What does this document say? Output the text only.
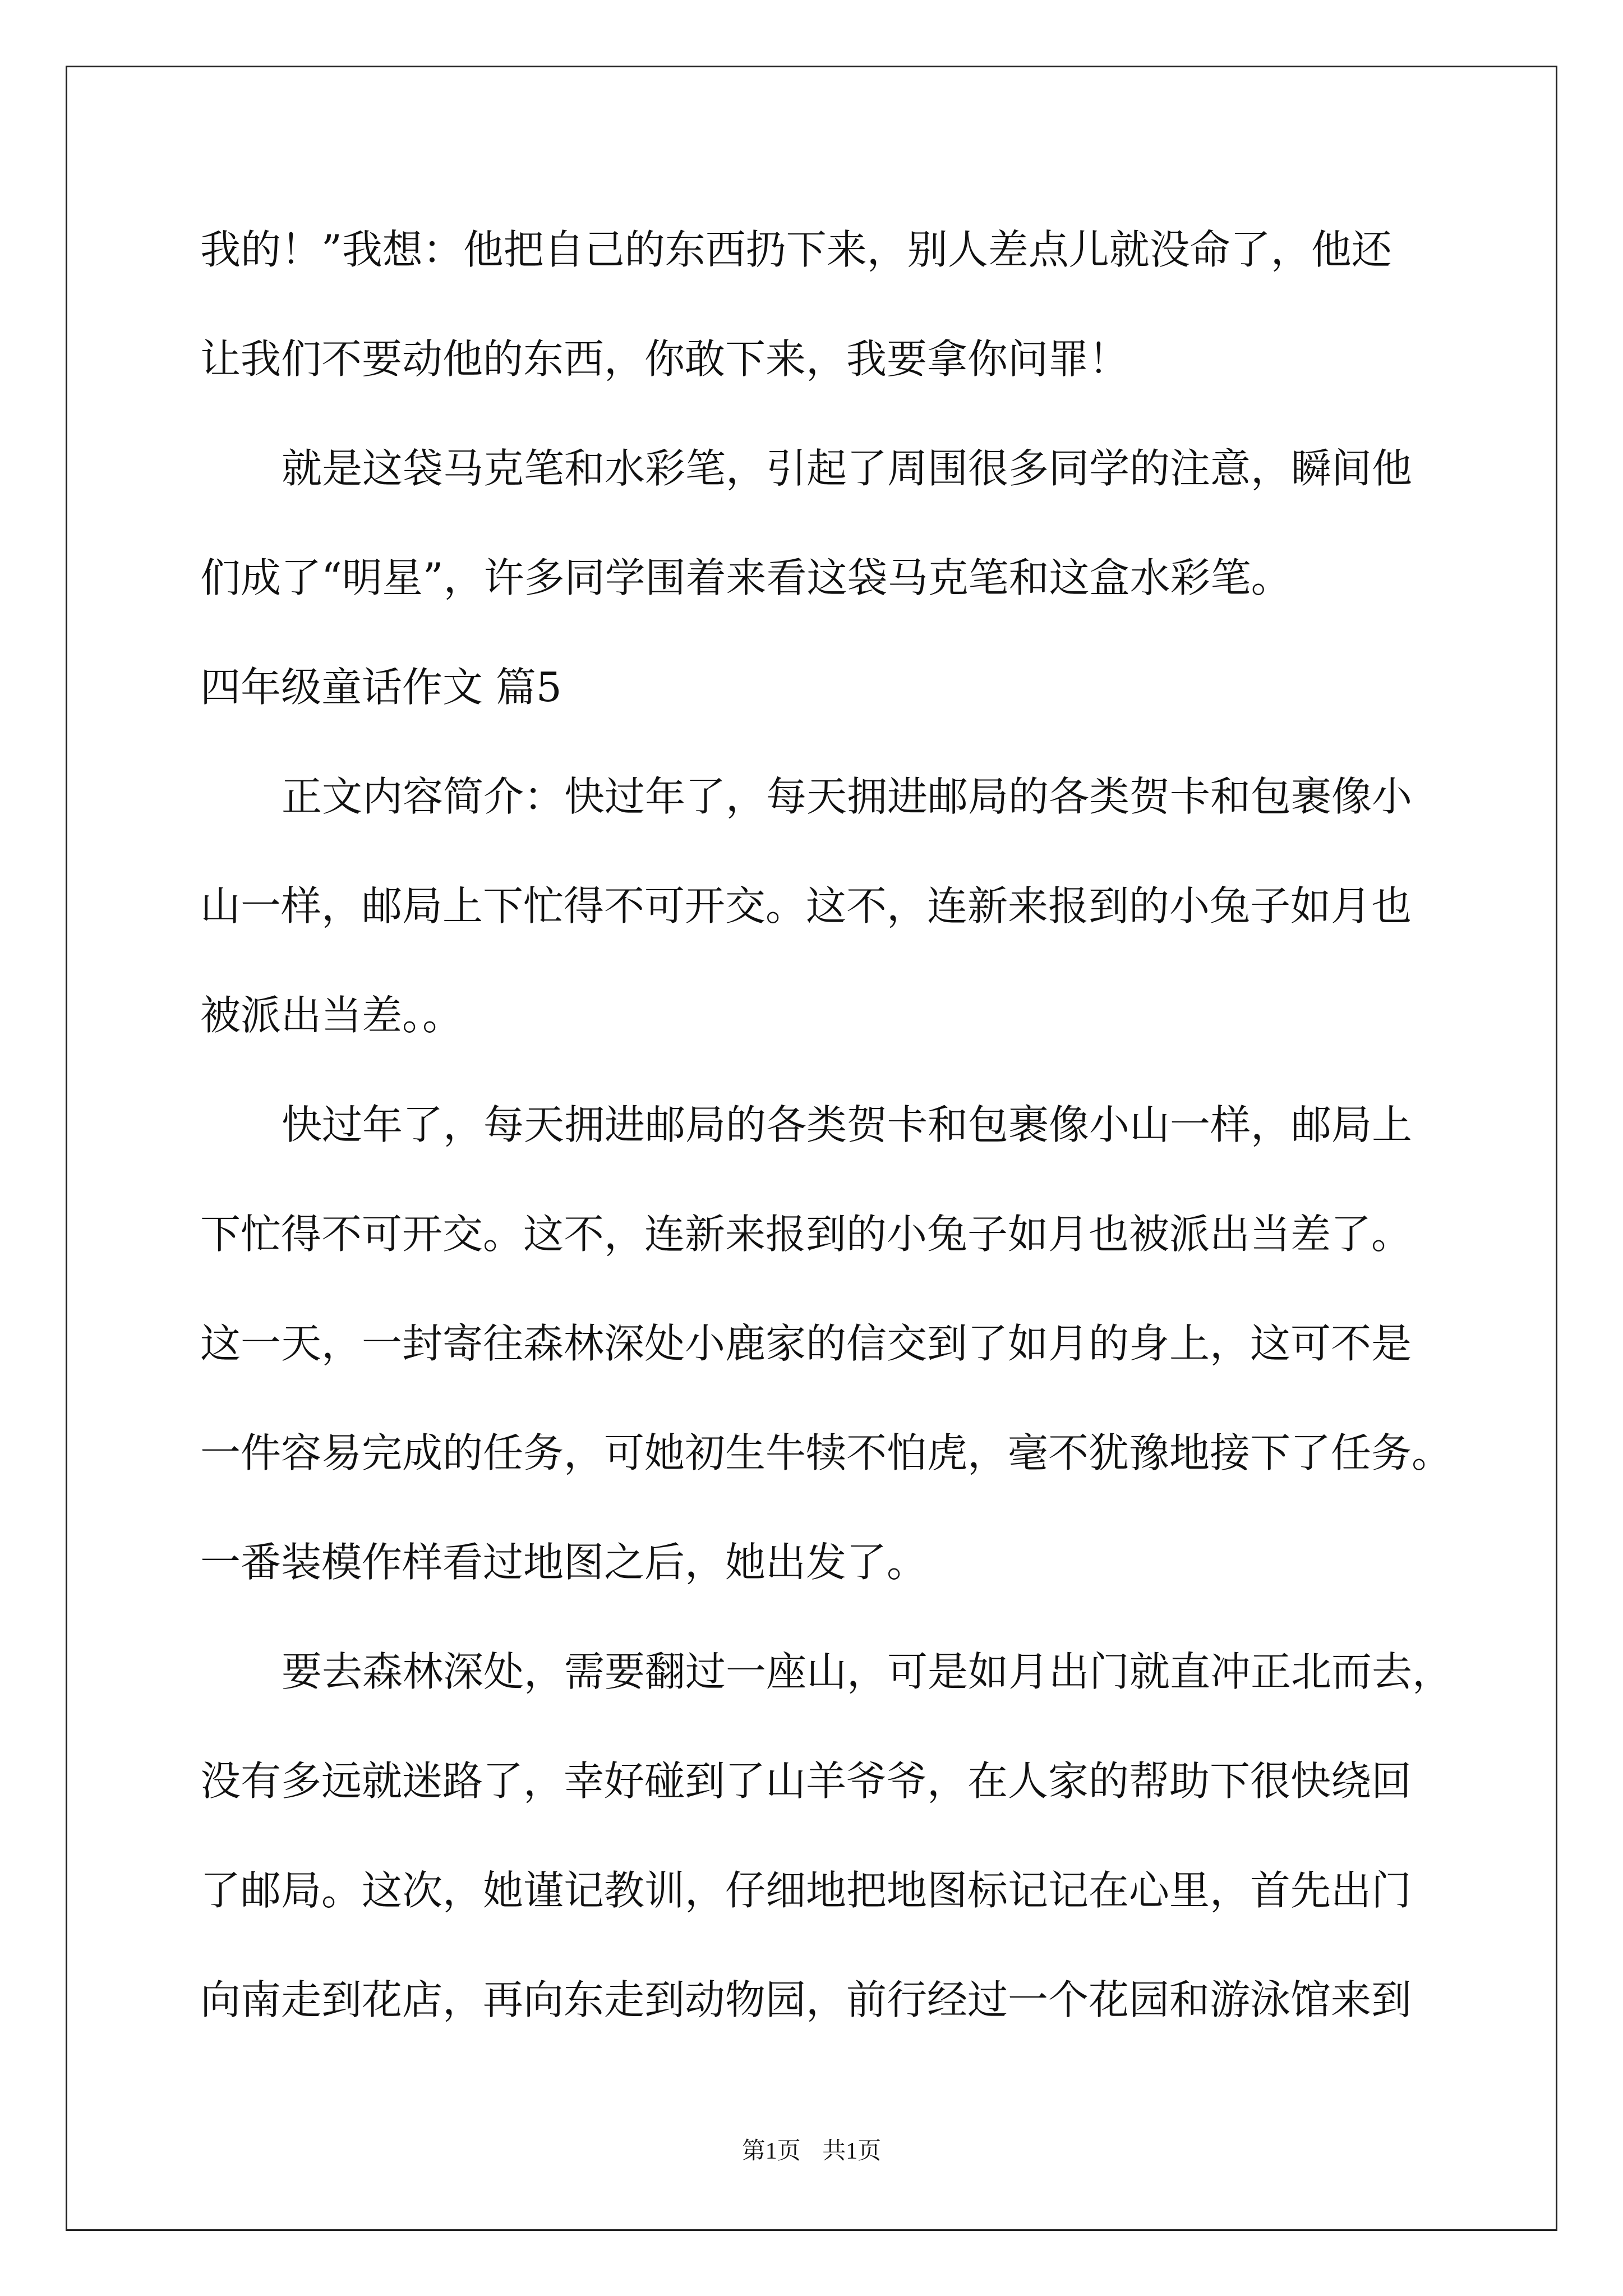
我的！”我想：他把自己的东西扔下来，别人差点儿就没命了，他还
让我们不要动他的东西，你敢下来，我要拿你问罪！
就是这袋马克笔和水彩笔，引起了周围很多同学的注意，瞬间他
们成了“明星”，许多同学围着来看这袋马克笔和这盒水彩笔。
四年级童话作文 篇5
正文内容简介：快过年了，每天拥进邮局的各类贺卡和包裹像小
山一样，邮局上下忙得不可开交。这不，连新来报到的小兔子如月也
被派出当差。。
快过年了，每天拥进邮局的各类贺卡和包裹像小山一样，邮局上
下忙得不可开交。这不，连新来报到的小兔子如月也被派出当差了。
这一天，一封寄往森林深处小鹿家的信交到了如月的身上，这可不是
一件容易完成的任务，可她初生牛犊不怕虎，毫不犹豫地接下了任务。
一番装模作样看过地图之后，她出发了。
要去森林深处，需要翻过一座山，可是如月出门就直冲正北而去，
没有多远就迷路了，幸好碰到了山羊爷爷，在人家的帮助下很快绕回
了邮局。这次，她谨记教训，仔细地把地图标记记在心里，首先出门
向南走到花店，再向东走到动物园，前行经过一个花园和游泳馆来到
第1页 共1页
